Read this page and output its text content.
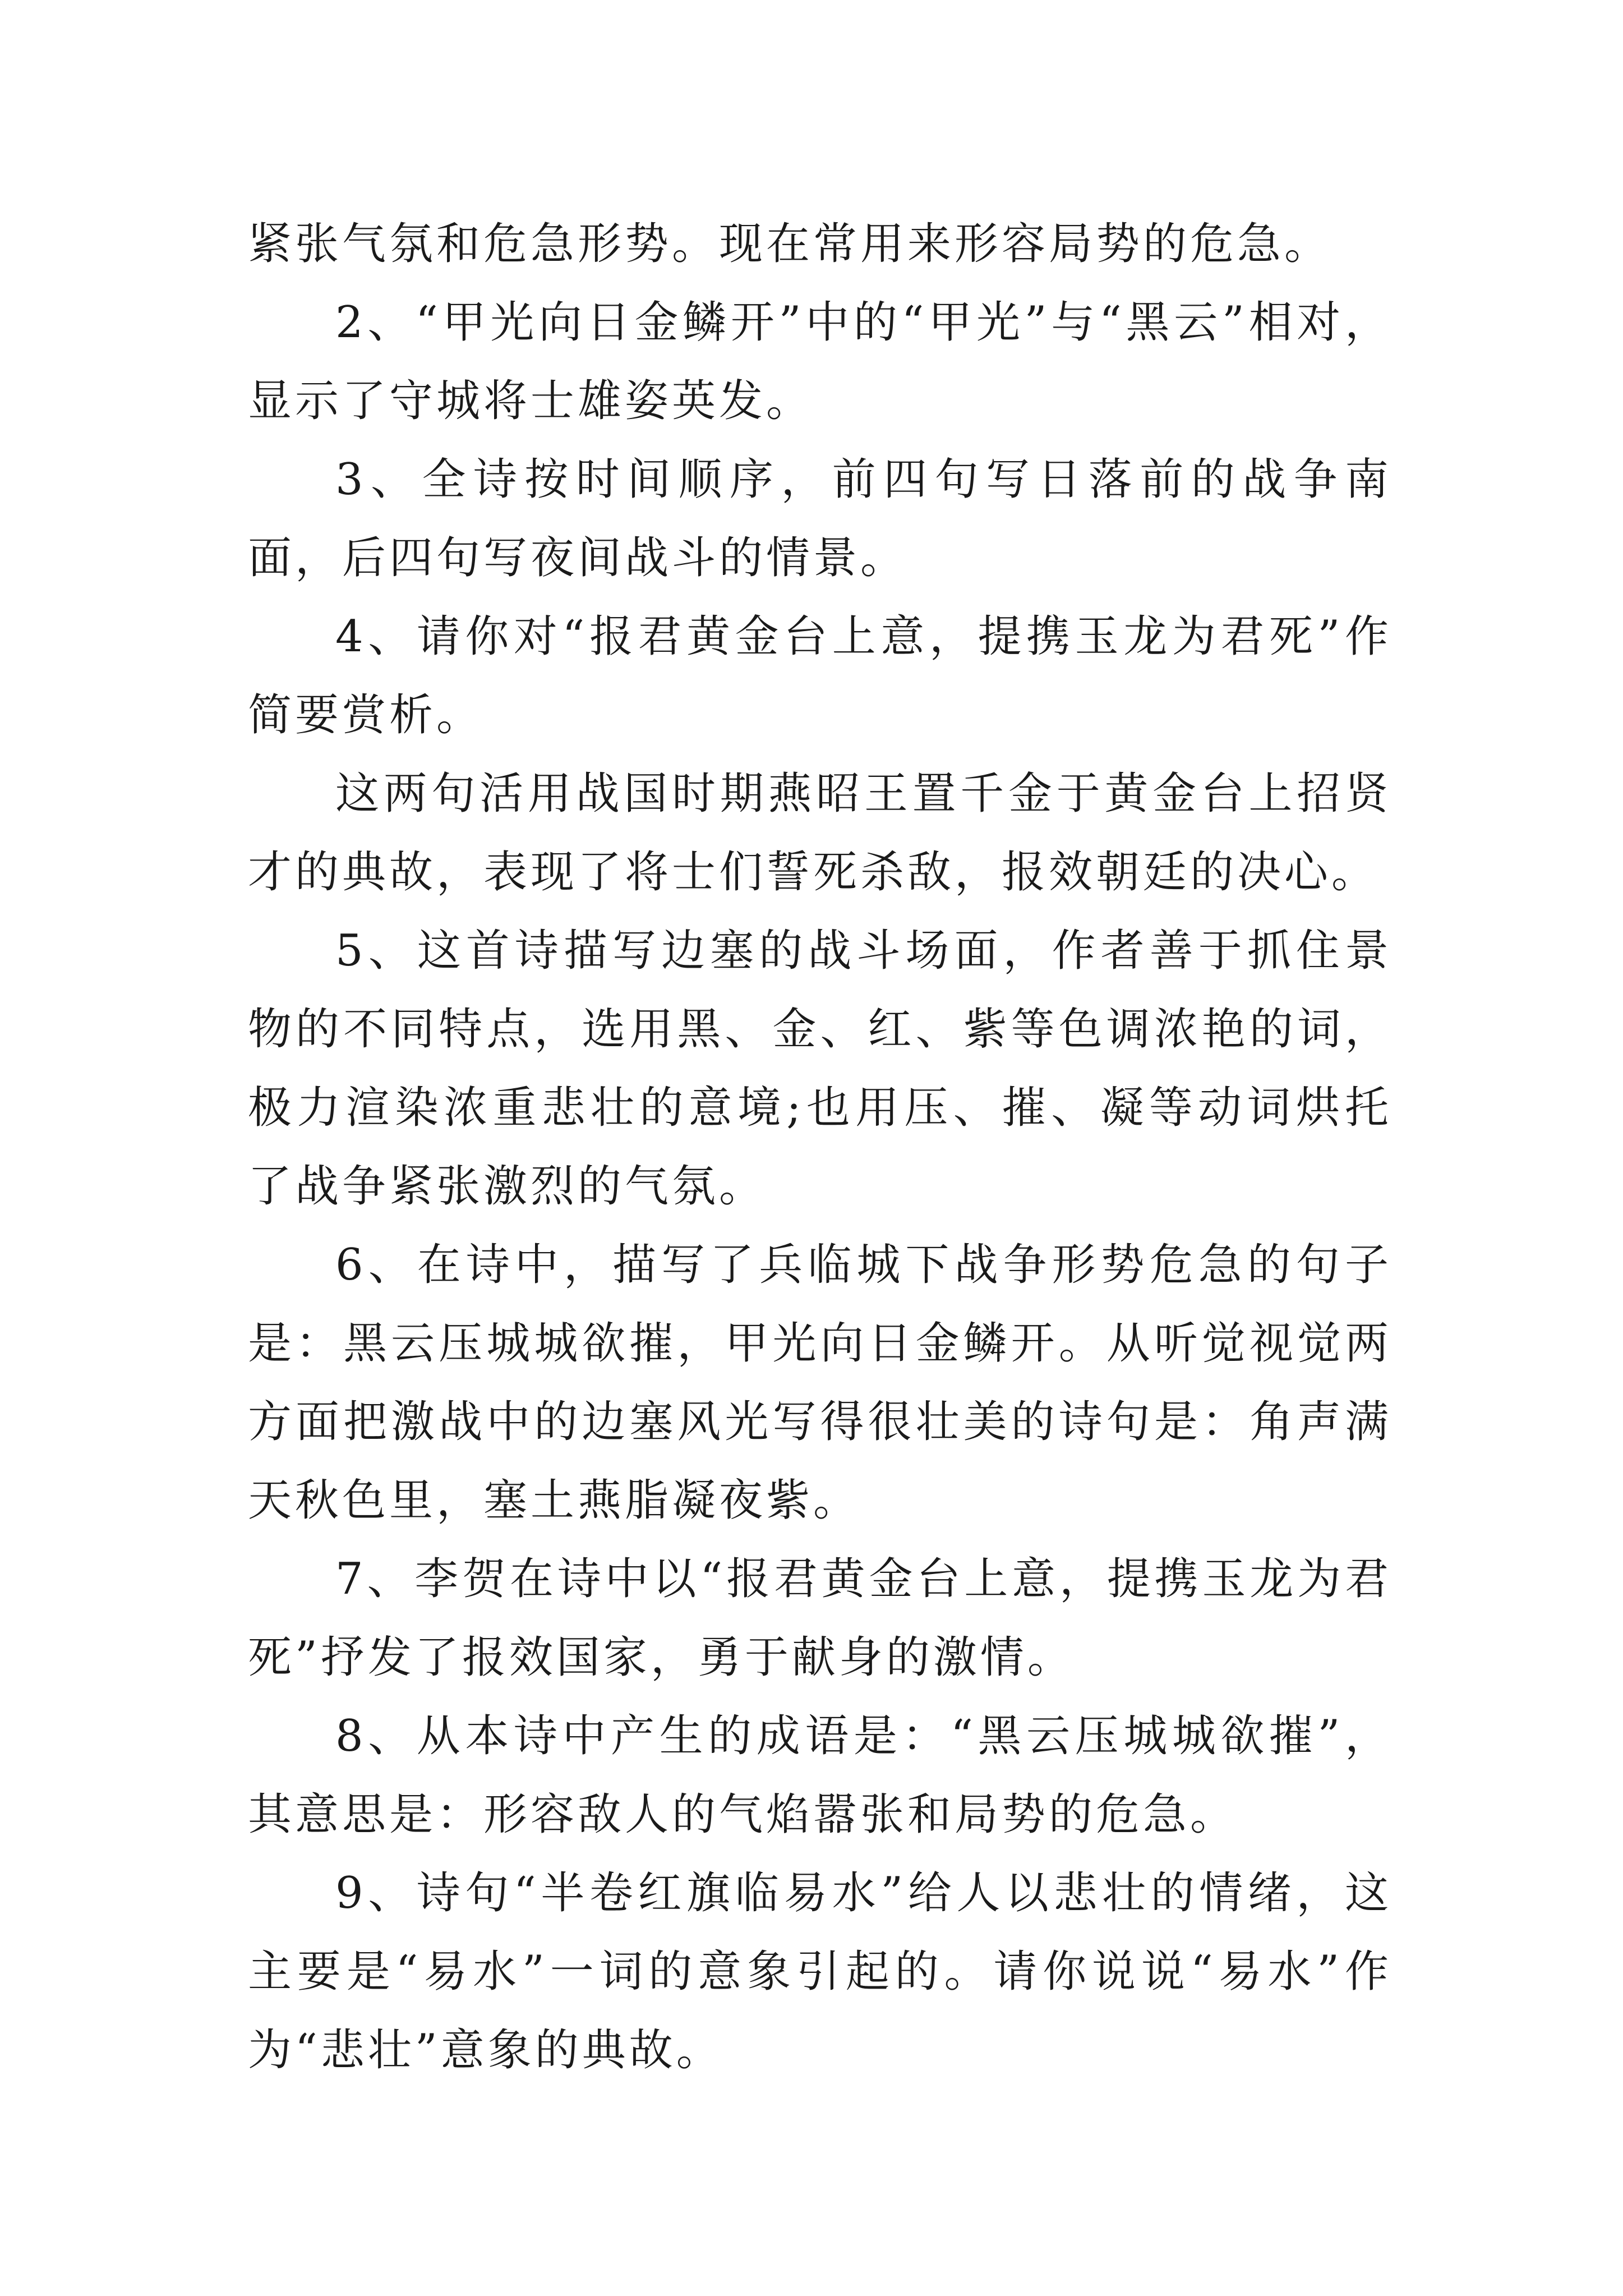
紧张气氛和危急形势。现在常用来形容局势的危急。

2、“甲光向日金鳞开”中的“甲光”与“黑云”相对，显示了守城将士雄姿英发。

3、全诗按时间顺序，前四句写日落前的战争南面，后四句写夜间战斗的情景。

4、请你对“报君黄金台上意，提携玉龙为君死”作简要赏析。

这两句活用战国时期燕昭王置千金于黄金台上招贤才的典故，表现了将士们誓死杀敌，报效朝廷的决心。

5、这首诗描写边塞的战斗场面，作者善于抓住景物的不同特点，选用黑、金、红、紫等色调浓艳的词，极力渲染浓重悲壮的意境;也用压、摧、凝等动词烘托了战争紧张激烈的气氛。

6、在诗中，描写了兵临城下战争形势危急的句子是：黑云压城城欲摧，甲光向日金鳞开。从听觉视觉两方面把激战中的边塞风光写得很壮美的诗句是：角声满天秋色里，塞土燕脂凝夜紫。

7、李贺在诗中以“报君黄金台上意，提携玉龙为君死”抒发了报效国家，勇于献身的激情。

8、从本诗中产生的成语是：“黑云压城城欲摧”，其意思是：形容敌人的气焰嚣张和局势的危急。

9、诗句“半卷红旗临易水”给人以悲壮的情绪，这主要是“易水”一词的意象引起的。请你说说“易水”作为“悲壮”意象的典故。
